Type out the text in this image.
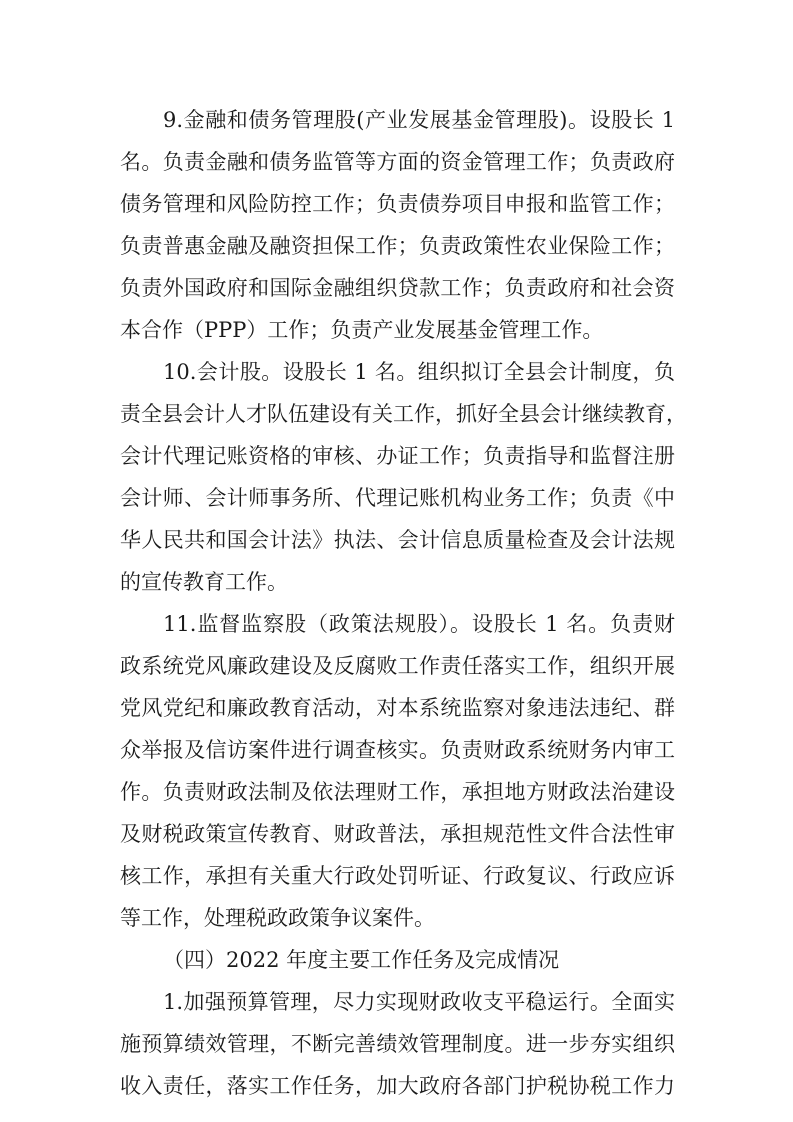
9.金融和债务管理股(产业发展基金管理股)。设股长 1
名。负责金融和债务监管等方面的资金管理工作；负责政府
债务管理和风险防控工作；负责债券项目申报和监管工作；
负责普惠金融及融资担保工作；负责政策性农业保险工作；
负责外国政府和国际金融组织贷款工作；负责政府和社会资
本合作（PPP）工作；负责产业发展基金管理工作。
10.会计股。设股长 1 名。组织拟订全县会计制度，负
责全县会计人才队伍建设有关工作，抓好全县会计继续教育，
会计代理记账资格的审核、办证工作；负责指导和监督注册
会计师、会计师事务所、代理记账机构业务工作；负责《中
华人民共和国会计法》执法、会计信息质量检查及会计法规
的宣传教育工作。
11.监督监察股（政策法规股）。设股长 1 名。负责财
政系统党风廉政建设及反腐败工作责任落实工作，组织开展
党风党纪和廉政教育活动，对本系统监察对象违法违纪、群
众举报及信访案件进行调查核实。负责财政系统财务内审工
作。负责财政法制及依法理财工作，承担地方财政法治建设
及财税政策宣传教育、财政普法，承担规范性文件合法性审
核工作，承担有关重大行政处罚听证、行政复议、行政应诉
等工作，处理税政政策争议案件。
（四）2022 年度主要工作任务及完成情况
1.加强预算管理，尽力实现财政收支平稳运行。全面实
施预算绩效管理，不断完善绩效管理制度。进一步夯实组织
收入责任，落实工作任务，加大政府各部门护税协税工作力
